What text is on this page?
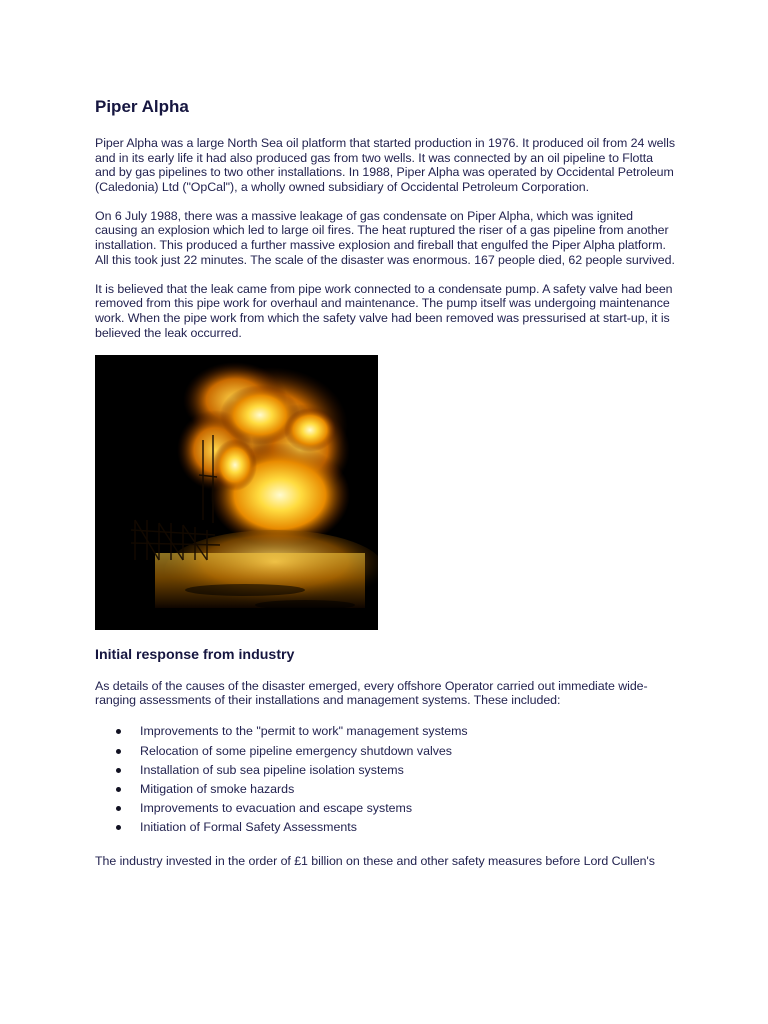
Piper Alpha

Piper Alpha was a large North Sea oil platform that started production in 1976. It produced oil from 24 wells and in its early life it had also produced gas from two wells. It was connected by an oil pipeline to Flotta and by gas pipelines to two other installations. In 1988, Piper Alpha was operated by Occidental Petroleum (Caledonia) Ltd ("OpCal"), a wholly owned subsidiary of Occidental Petroleum Corporation.

On 6 July 1988, there was a massive leakage of gas condensate on Piper Alpha, which was ignited causing an explosion which led to large oil fires. The heat ruptured the riser of a gas pipeline from another installation. This produced a further massive explosion and fireball that engulfed the Piper Alpha platform. All this took just 22 minutes. The scale of the disaster was enormous. 167 people died, 62 people survived.

It is believed that the leak came from pipe work connected to a condensate pump. A safety valve had been removed from this pipe work for overhaul and maintenance. The pump itself was undergoing maintenance work. When the pipe work from which the safety valve had been removed was pressurised at start-up, it is believed the leak occurred.

Initial response from industry

As details of the causes of the disaster emerged, every offshore Operator carried out immediate wide-ranging assessments of their installations and management systems. These included:

Improvements to the "permit to work" management systems
Relocation of some pipeline emergency shutdown valves
Installation of sub sea pipeline isolation systems
Mitigation of smoke hazards
Improvements to evacuation and escape systems
Initiation of Formal Safety Assessments

The industry invested in the order of £1 billion on these and other safety measures before Lord Cullen's
